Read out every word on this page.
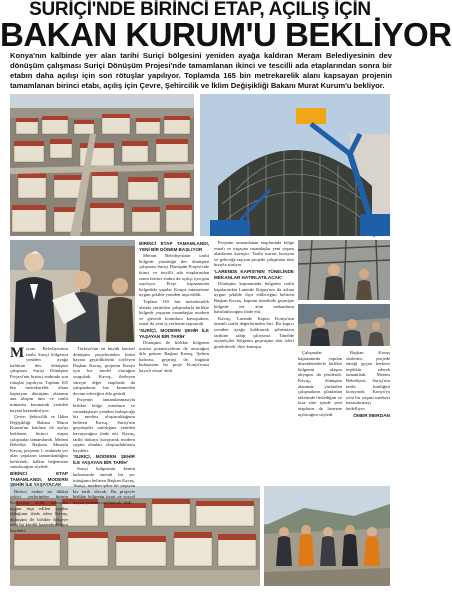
SURİÇİ'NDE BİRİNCİ ETAP, AÇILIŞ İÇİN
BAKAN KURUM'U BEKLİYOR
Konya'nın kalbinde yer alan tarihi Suriçi bölgesini yeniden ayağa kaldıran Meram Belediyesinin dev dönüşüm çalışması Suriçi Dönüşüm Projesi'nde tamamlanan ikinci ve tescilli ada etaplarından sonra bir etabın daha açılışı için son rötuşlar yapılıyor. Toplamda 165 bin metrekarelik alanı kapsayan projenin tamamlanan birinci etabı, açılış için Çevre, Şehircilik ve İklim Değişikliği Bakanı Murat Kurum'u bekliyor.
M eram Belediyesinin tarihi Suriçi bölgesini yeniden ayağa kaldıran dev dönüşüm çalışması Suriçi Dönüşüm Projesi'nin birinci etabında son rötuşlar yapılıyor. Toplam 165 bin metrekarelik alana kapsayan dönüşüm alanının ana ulaşım tüm ve tarihi mimarisi korunarak yeniden hayata kazandırılıyor.

Çevre, Şehircilik ve İklim Değişikliği Bakanı Murat Kurum'un katılımı ile açılışı beklenen birinci etapta çalışmalar tamamlandı. Meram Belediye Başkanı Mustafa Kavuş, projenin 1. etabında yer alan yapıların tamamlandığını belirterek, halkın beğenisine sunulacağını söyledi.

BİRİNCİ ETAP TAMAMLANDI, MODERN ŞEHİR İLE YAŞAYACAK

Birinci etabın en dikkat çekici yerlerinden birinin Konya'nın tarihi dokusuna uygun inşa edilen yapılar olduğunu ifade eden Kavuş, dönüşüm ile birlikte bölgeye yeni bir kimlik kazandırıldığını kaydetti.

Türkiye'nin en büyük kentsel dönüşüm projelerinden birini hayata geçirdiklerini söyleyen Başkan Kavuş, projenin Konya için bir model olacağını vurguladı. Kavuş, ilerleyen süreçte diğer etaplarda da çalışmaların hız kesmeden devam edeceğini dile getirdi.

Projenin tamamlanmasıyla birlikte bölge esnafının ve vatandaşların yeniden buluşacağı bir merkez oluşturulduğunu belirten Kavuş, Suriçi'nin geçmişteki canlılığına yeniden kavuşacağını ifade etti. Kavuş, tarihi dokuyu koruyarak modern yaşam alanları oluşturduklarını kaydetti.

'SURİÇİ, MODERN ŞEHİR İLE YAŞAYAN BİR TARİH'

Suriçi bölgesinin kentin hafızasında önemli bir yer tuttuğunu belirten Başkan Kavuş, 'Suriçi, modern şehir ile yaşayan bir tarih olacak. Bu projeyle birlikte bölgenin ticari ve sosyal hayatı yeniden canlanacak' dedi.

BİRİNCİ ETAP TAMAMLANDI, YENİ BİR DÖNEM BAŞLIYOR

Meram Belediyesinin tarihi bölgede yürüttüğü dev dönüşüm çalışması Suriçi Dönüşüm Projesi'nde ikinci ve tescilli ada etaplarından sonra birinci etabın da açılışı için gün sayılıyor. Proje kapsamında bölgedeki yapılar Konya mimarisine uygun şekilde yeniden inşa edildi.

Toplam 165 bin metrekarelik alanda yürütülen çalışmalarla birlikte bölgede yaşayan vatandaşlar modern ve güvenli konutlara kavuşurken, esnaf da yeni iş yerlerine taşınacak.

'SURİÇİ, MODERN ŞEHİR İLE YAŞAYAN BİR TARİH'

Dönüşüm ile birlikte bölgenin turizm potansiyelinin de artacağını dile getiren Başkan Kavuş, 'Şehrin hafızası, geçmişi ile bugünü buluşturan bu proje Konya'mıza hayırlı olsun' dedi.

Projenin tamamlanan etaplarında bölge esnafı ve yaşayan vatandaşlar yeni yaşam alanlarına kavuştu. Tarihi mirası koruyan ve geleceğe taşıyan projede çalışmalar tüm hızıyla sürüyor.

'LARENDE KAPISI'NIN TÜNELİNDE MEKANLAR HATIRLATILACAK'

Dönüşüm kapsamında bölgenin tarihi kapılarından Larende Kapısı'nın da aslına uygun şekilde ihya edileceğini belirten Başkan Kavuş, kapının tünelinde geçmişte bölgede yer alan mekanların hatırlatılacağını ifade etti.

Kavuş, 'Larende Kapısı Konya'nın önemli tarihi değerlerinden biri. Bu kapıyı yeniden ayağa kaldırarak şehrimizin tarihine sahip çıkıyoruz. Tünelde ziyaretçiler bölgenin geçmişine dair izleri görebilecek' diye konuştu.

Çalışmalar kapsamında yapılan düzenlemelerle birlikte bölgenin ulaşım altyapısı da yenilendi. Kavuş, dönüşüm alanında yürütülen çalışmaların planlanan takvimde ilerlediğini ve kısa süre içinde yeni etapların da hizmete açılacağını söyledi.

Başkan Kavuş sözlerini, projede emeği geçen herkese teşekkür ederek tamamladı. Meram Belediyesi, Suriçi'nin tarihi kimliğini koruyarak Konya'ya yeni bir yaşam merkezi kazandırmayı hedefliyor.

ÖMER MERDAN
